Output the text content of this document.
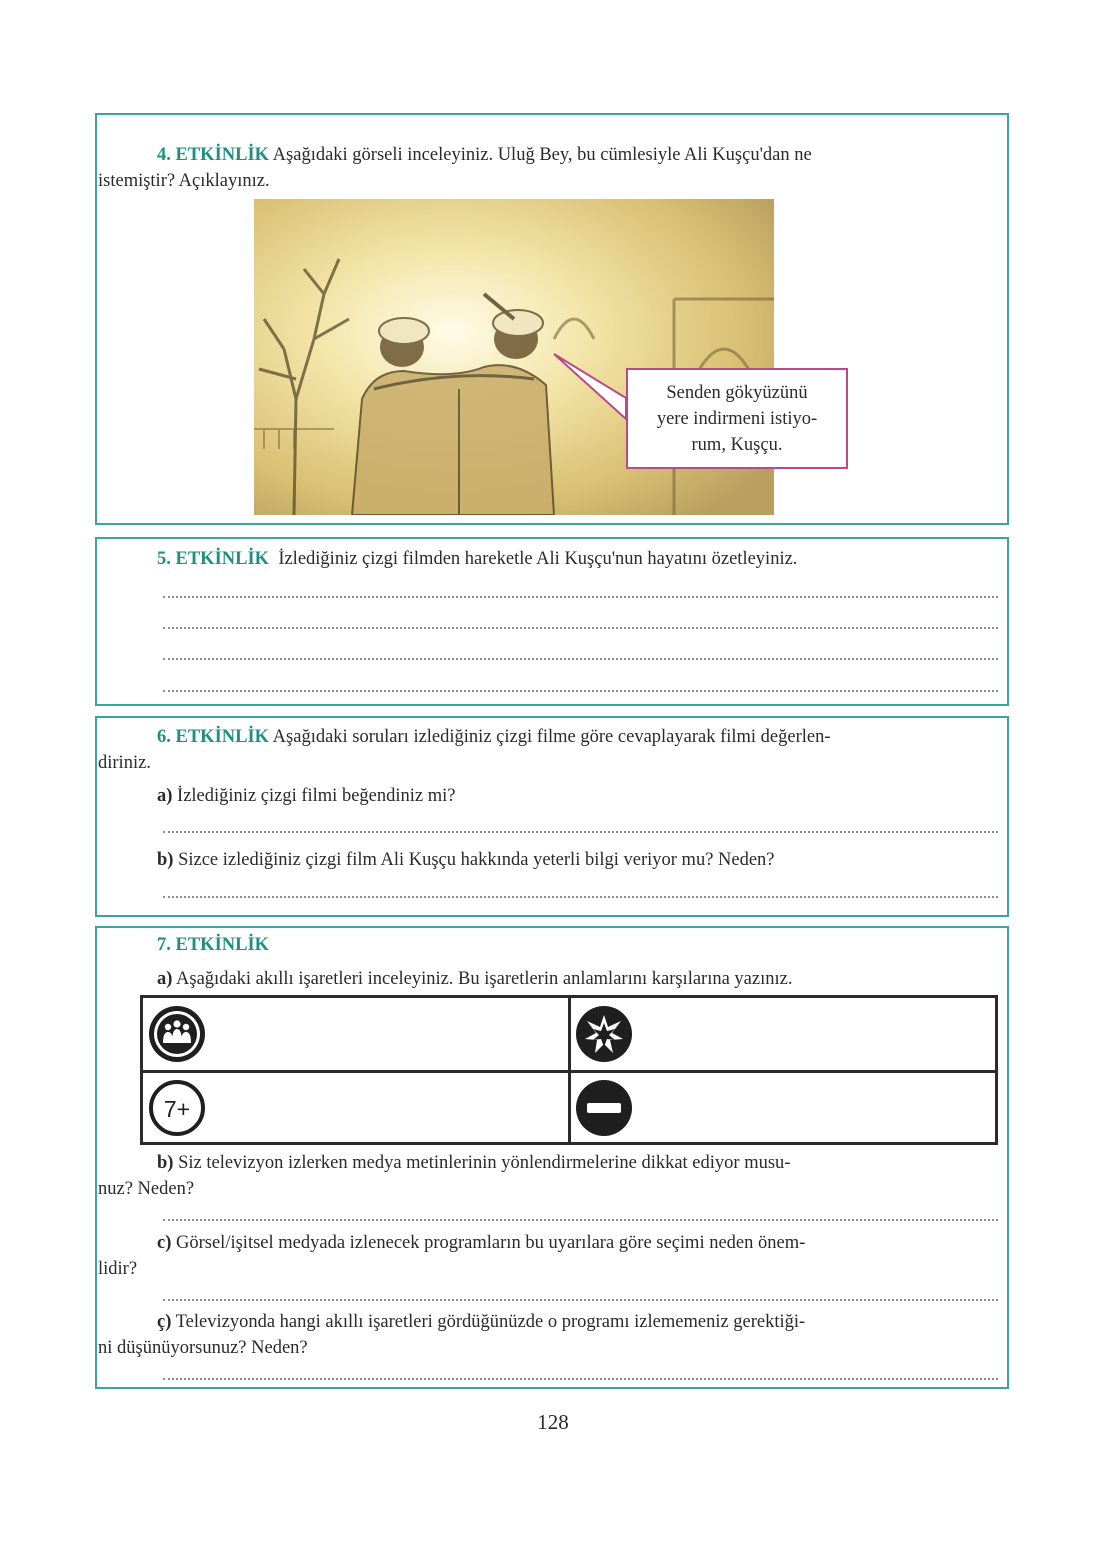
4. ETKİNLİK Aşağıdaki görseli inceleyiniz. Uluğ Bey, bu cümlesiyle Ali Kuşçu'dan ne
istemiştir? Açıklayınız.
Senden gökyüzünü
yere indirmeni istiyo-
rum, Kuşçu.
5. ETKİNLİK İzlediğiniz çizgi filmden hareketle Ali Kuşçu'nun hayatını özetleyiniz.
6. ETKİNLİK Aşağıdaki soruları izlediğiniz çizgi filme göre cevaplayarak filmi değerlen-
diriniz.
a) İzlediğiniz çizgi filmi beğendiniz mi?
b) Sizce izlediğiniz çizgi film Ali Kuşçu hakkında yeterli bilgi veriyor mu? Neden?
7. ETKİNLİK
a) Aşağıdaki akıllı işaretleri inceleyiniz. Bu işaretlerin anlamlarını karşılarına yazınız.
7+
b) Siz televizyon izlerken medya metinlerinin yönlendirmelerine dikkat ediyor musu-
nuz? Neden?
c) Görsel/işitsel medyada izlenecek programların bu uyarılara göre seçimi neden önem-
lidir?
ç) Televizyonda hangi akıllı işaretleri gördüğünüzde o programı izlememeniz gerektiği-
ni düşünüyorsunuz? Neden?
128
